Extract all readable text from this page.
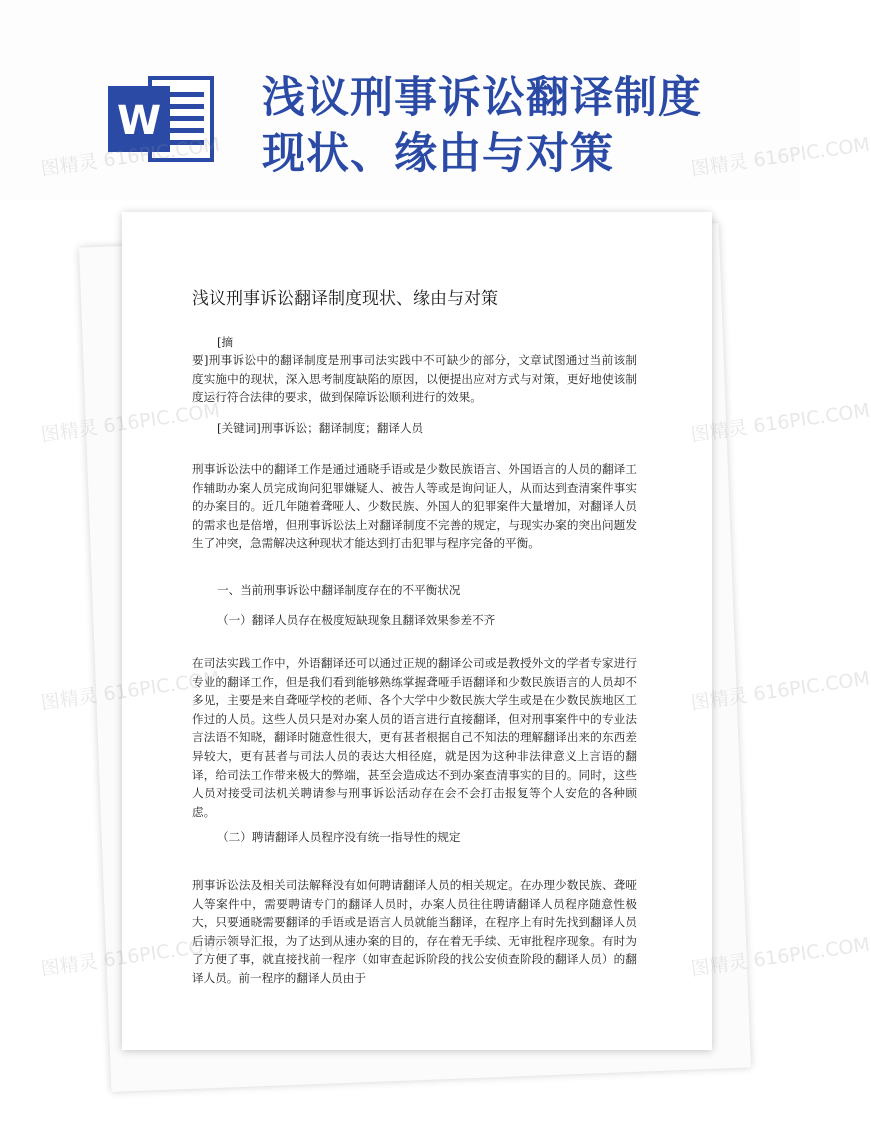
W 浅议刑事诉讼翻译制度
现状、缘由与对策
浅议刑事诉讼翻译制度现状、缘由与对策
[摘

要]刑事诉讼中的翻译制度是刑事司法实践中不可缺少的部分，文章试图通过当前该制度实施中的现状，深入思考制度缺陷的原因，以便提出应对方式与对策，更好地使该制度运行符合法律的要求，做到保障诉讼顺利进行的效果。

[关键词]刑事诉讼；翻译制度；翻译人员

刑事诉讼法中的翻译工作是通过通晓手语或是少数民族语言、外国语言的人员的翻译工作辅助办案人员完成询问犯罪嫌疑人、被告人等或是询问证人，从而达到查清案件事实的办案目的。近几年随着聋哑人、少数民族、外国人的犯罪案件大量增加，对翻译人员的需求也是倍增，但刑事诉讼法上对翻译制度不完善的规定，与现实办案的突出问题发生了冲突，急需解决这种现状才能达到打击犯罪与程序完备的平衡。

一、当前刑事诉讼中翻译制度存在的不平衡状况
（一）翻译人员存在极度短缺现象且翻译效果参差不齐

在司法实践工作中，外语翻译还可以通过正规的翻译公司或是教授外文的学者专家进行专业的翻译工作，但是我们看到能够熟练掌握聋哑手语翻译和少数民族语言的人员却不多见，主要是来自聋哑学校的老师、各个大学中少数民族大学生或是在少数民族地区工作过的人员。这些人员只是对办案人员的语言进行直接翻译，但对刑事案件中的专业法言法语不知晓，翻译时随意性很大，更有甚者根据自己不知法的理解翻译出来的东西差异较大，更有甚者与司法人员的表达大相径庭，就是因为这种非法律意义上言语的翻译，给司法工作带来极大的弊端，甚至会造成达不到办案查清事实的目的。同时，这些人员对接受司法机关聘请参与刑事诉讼活动存在会不会打击报复等个人安危的各种顾虑。

（二）聘请翻译人员程序没有统一指导性的规定

刑事诉讼法及相关司法解释没有如何聘请翻译人员的相关规定。在办理少数民族、聋哑人等案件中，需要聘请专门的翻译人员时，办案人员往往聘请翻译人员程序随意性极大，只要通晓需要翻译的手语或是语言人员就能当翻译，在程序上有时先找到翻译人员后请示领导汇报，为了达到从速办案的目的，存在着无手续、无审批程序现象。有时为了方便了事，就直接找前一程序（如审查起诉阶段的找公安侦查阶段的翻译人员）的翻译人员。前一程序的翻译人员由于

图精灵 616PIC.COM	图精灵 616PIC.COM
图精灵 616PIC.COM	图精灵 616PIC.COM
图精灵 616PIC.COM	图精灵 616PIC.COM
图精灵 616PIC.COM	图精灵 616PIC.COM
